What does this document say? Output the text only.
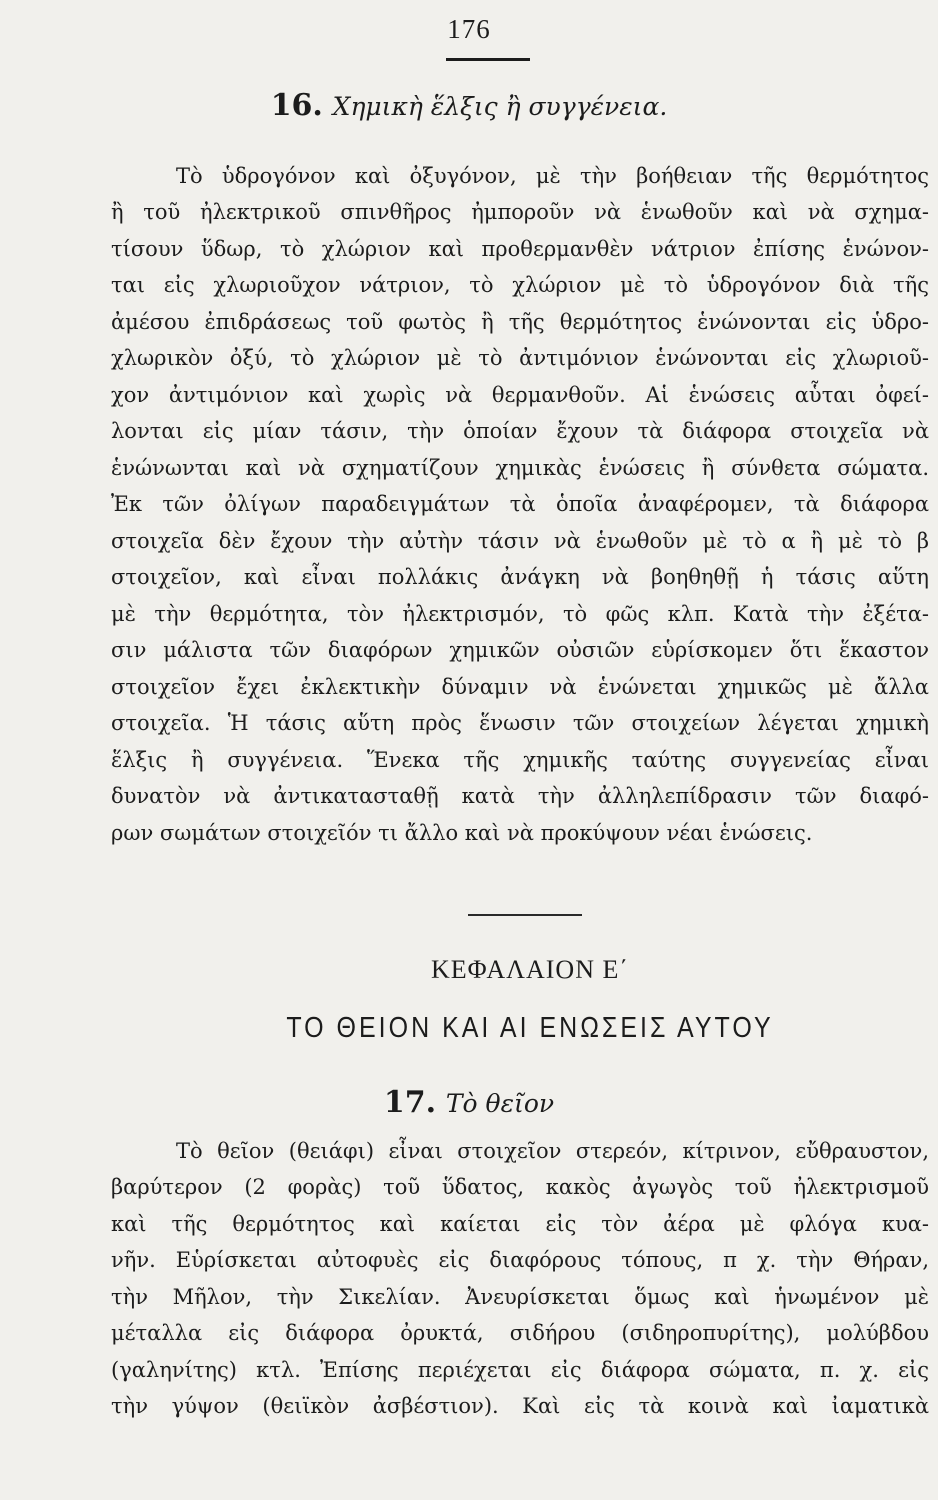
176
16. Χημικὴ ἕλξις ἢ συγγένεια.
Τὸ ὑδρογόνον καὶ ὀξυγόνον, μὲ τὴν βοήθειαν τῆς θερμότητος
ἢ τοῦ ἠλεκτρικοῦ σπινθῆρος ἠμποροῦν νὰ ἑνωθοῦν καὶ νὰ σχημα-
τίσουν ὕδωρ, τὸ χλώριον καὶ προθερμανθὲν νάτριον ἐπίσης ἑνώνον-
ται εἰς χλωριοῦχον νάτριον, τὸ χλώριον μὲ τὸ ὑδρογόνον διὰ τῆς
ἀμέσου ἐπιδράσεως τοῦ φωτὸς ἢ τῆς θερμότητος ἑνώνονται εἰς ὑδρο-
χλωρικὸν ὀξύ, τὸ χλώριον μὲ τὸ ἀντιμόνιον ἑνώνονται εἰς χλωριοῦ-
χον ἀντιμόνιον καὶ χωρὶς νὰ θερμανθοῦν. Αἱ ἑνώσεις αὗται ὀφεί-
λονται εἰς μίαν τάσιν, τὴν ὁποίαν ἔχουν τὰ διάφορα στοιχεῖα νὰ
ἑνώνωνται καὶ νὰ σχηματίζουν χημικὰς ἑνώσεις ἢ σύνθετα σώματα.
Ἐκ τῶν ὀλίγων παραδειγμάτων τὰ ὁποῖα ἀναφέρομεν, τὰ διάφορα
στοιχεῖα δὲν ἔχουν τὴν αὐτὴν τάσιν νὰ ἑνωθοῦν μὲ τὸ α ἢ μὲ τὸ β
στοιχεῖον, καὶ εἶναι πολλάκις ἀνάγκη νὰ βοηθηθῇ ἡ τάσις αὕτη
μὲ τὴν θερμότητα, τὸν ἠλεκτρισμόν, τὸ φῶς κλπ. Κατὰ τὴν ἐξέτα-
σιν μάλιστα τῶν διαφόρων χημικῶν οὐσιῶν εὑρίσκομεν ὅτι ἕκαστον
στοιχεῖον ἔχει ἐκλεκτικὴν δύναμιν νὰ ἑνώνεται χημικῶς μὲ ἄλλα
στοιχεῖα. Ἡ τάσις αὕτη πρὸς ἕνωσιν τῶν στοιχείων λέγεται χημικὴ
ἕλξις ἢ συγγένεια. Ἕνεκα τῆς χημικῆς ταύτης συγγενείας εἶναι
δυνατὸν νὰ ἀντικατασταθῇ κατὰ τὴν ἀλληλεπίδρασιν τῶν διαφό-
ρων σωμάτων στοιχεῖόν τι ἄλλο καὶ νὰ προκύψουν νέαι ἑνώσεις.
ΚΕΦΑΛΑΙΟΝ Ε΄
ΤΟ ΘΕΙΟΝ ΚΑΙ ΑΙ ΕΝΩΣΕΙΣ ΑΥΤΟΥ
17. Τὸ θεῖον
Τὸ θεῖον (θειάφι) εἶναι στοιχεῖον στερεόν, κίτρινον, εὔθραυστον,
βαρύτερον (2 φορὰς) τοῦ ὕδατος, κακὸς ἀγωγὸς τοῦ ἠλεκτρισμοῦ
καὶ τῆς θερμότητος καὶ καίεται εἰς τὸν ἀέρα μὲ φλόγα κυα-
νῆν. Εὑρίσκεται αὐτοφυὲς εἰς διαφόρους τόπους, π χ. τὴν Θήραν,
τὴν Μῆλον, τὴν Σικελίαν. Ἀνευρίσκεται ὅμως καὶ ἡνωμένον μὲ
μέταλλα εἰς διάφορα ὀρυκτά, σιδήρου (σιδηροπυρίτης), μολύβδου
(γαληνίτης) κτλ. Ἐπίσης περιέχεται εἰς διάφορα σώματα, π. χ. εἰς
τὴν γύψον (θειϊκὸν ἀσβέστιον). Καὶ εἰς τὰ κοινὰ καὶ ἰαματικὰ
